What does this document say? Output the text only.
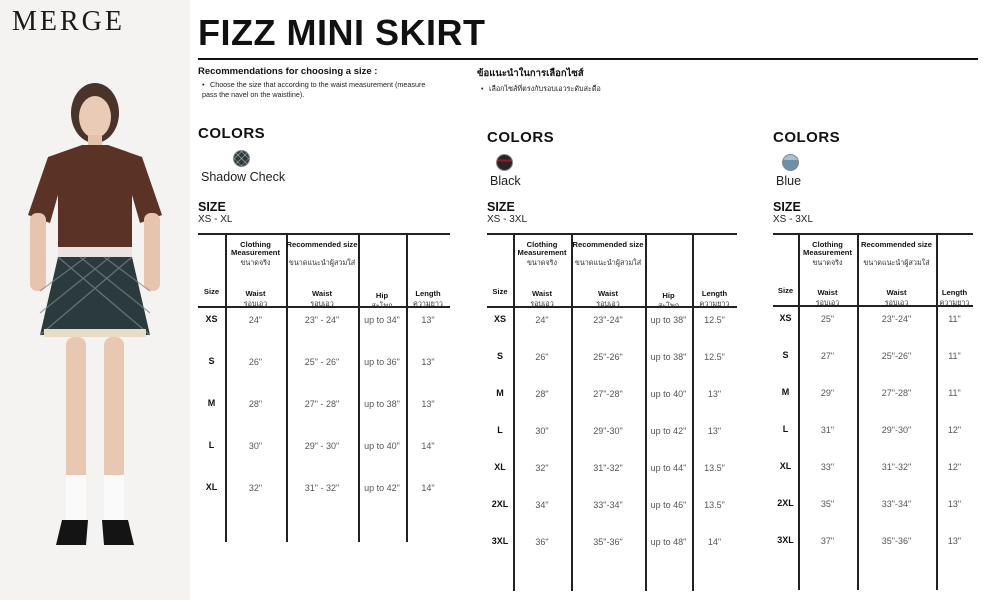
MERGE FIZZ MINI SKIRT
Recommendations for choosing a size :
• Choose the size that according to the waist measurement (measure pass the navel on the waistline).
ข้อแนะนำในการเลือกไซส์
• เลือกไซส์ที่ตรงกับรอบเอวระดับสะดือ
COLORS
Shadow Check
SIZE
XS - XL
Size
Clothing Measurement
ขนาดจริง
Recommended size
ขนาดแนะนำผู้สวมใส่
Waist
รอบเอว
Waist
รอบเอว
Hip
สะโพก
Length
ความยาว
XS	24"	23" - 24"	up to 34"	13"
S	26"	25" - 26"	up to 36"	13"
M	28"	27" - 28"	up to 38"	13"
L	30"	29" - 30"	up to 40"	14"
XL	32"	31" - 32"	up to 42"	14"
COLORS
Black
SIZE
XS - 3XL
Size
Clothing Measurement
ขนาดจริง
Recommended size
ขนาดแนะนำผู้สวมใส่
Waist
รอบเอว
Waist
รอบเอว
Hip
สะโพก
Length
ความยาว
XS	24"	23"-24"	up to 38"	12.5"
S	26"	25"-26"	up to 38"	12.5"
M	28"	27"-28"	up to 40"	13"
L	30"	29"-30"	up to 42"	13"
XL	32"	31"-32"	up to 44"	13.5"
2XL	34"	33"-34"	up to 46"	13.5"
3XL	36"	35"-36"	up to 48"	14"
COLORS
Blue
SIZE
XS - 3XL
Size
Clothing Measurement
ขนาดจริง
Recommended size
ขนาดแนะนำผู้สวมใส่
Waist
รอบเอว
Waist
รอบเอว
Length
ความยาว
XS	25"	23"-24"	11"
S	27"	25"-26"	11"
M	29"	27"-28"	11"
L	31"	29"-30"	12"
XL	33"	31"-32"	12"
2XL	35"	33"-34"	13"
3XL	37"	35"-36"	13"
